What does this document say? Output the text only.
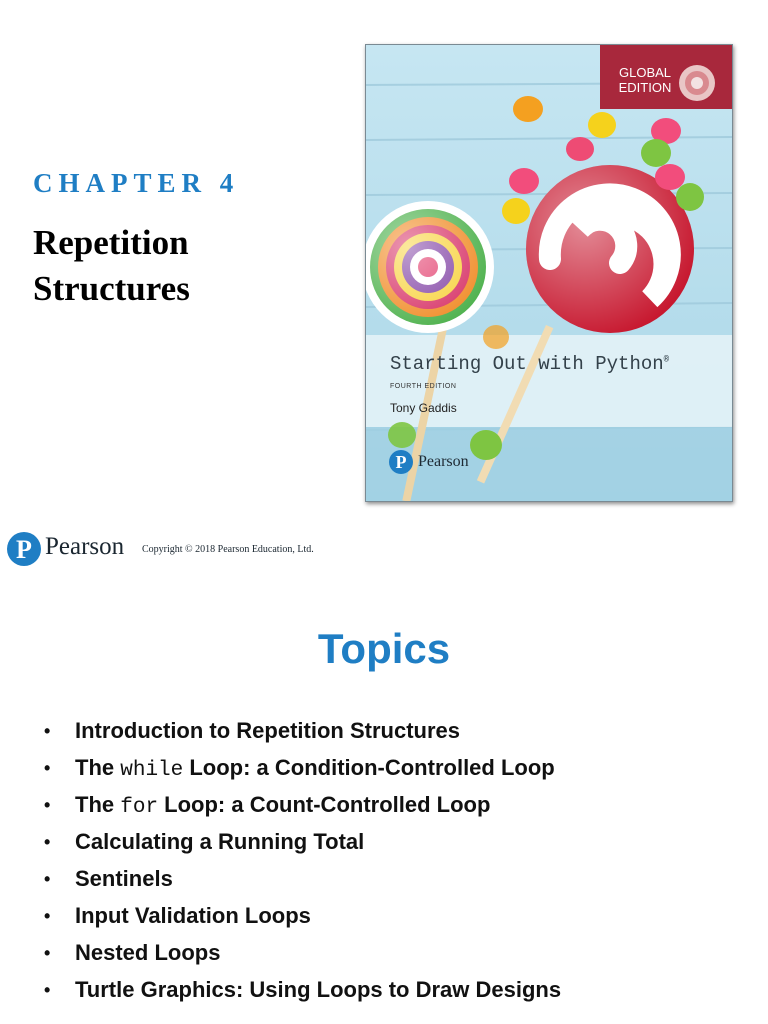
CHAPTER 4
Repetition
Structures
P
GLOBAL
EDITION
Starting Out with Python®
FOURTH EDITION
Tony Gaddis
Pearson
P Pearson Copyright © 2018 Pearson Education, Ltd.
Topics
• Introduction to Repetition Structures
• The while Loop: a Condition-Controlled Loop
• The for Loop: a Count-Controlled Loop
• Calculating a Running Total
• Sentinels
• Input Validation Loops
• Nested Loops
• Turtle Graphics: Using Loops to Draw Designs
